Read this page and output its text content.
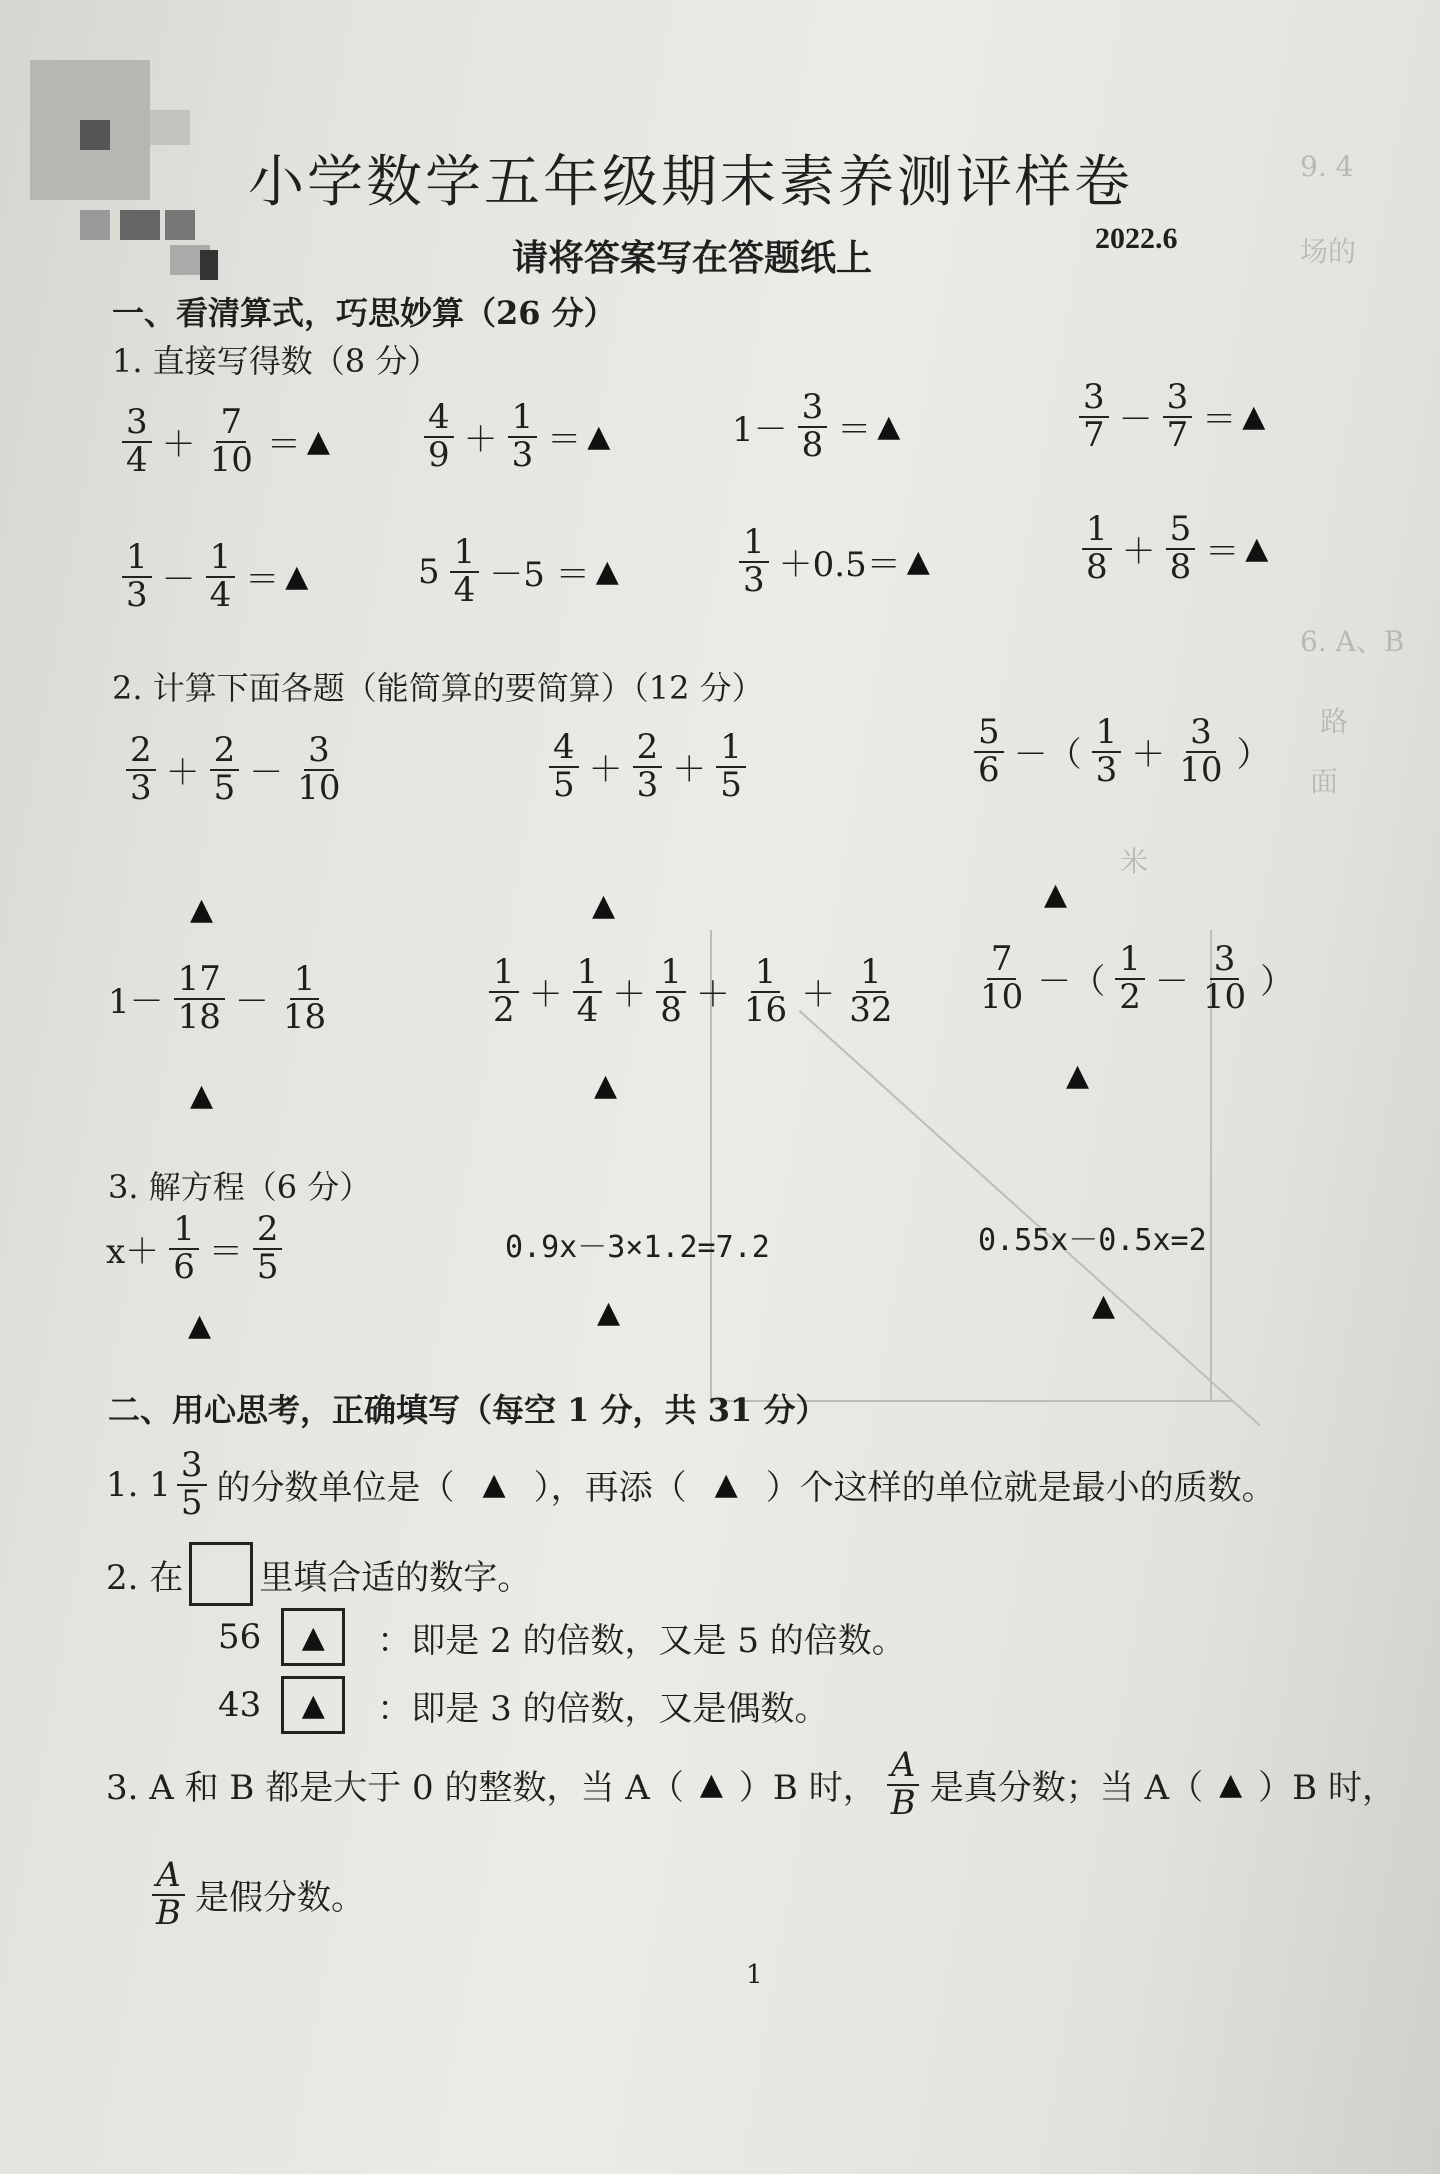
9. 4
场的
6. A、B
路
面
米
小学数学五年级期末素养测评样卷
请将答案写在答题纸上	2022.6
一、看清算式，巧思妙算（26 分）
1. 直接写得数（8 分）
$\frac{3}{4} + \frac{7}{10}$ ＝ ▲	$\frac{4}{9} + \frac{1}{3}$ ＝ ▲	$1- \frac{3}{8}$ ＝ ▲	$\frac{3}{7} - \frac{3}{7}$ ＝ ▲
$\frac{1}{3} - \frac{1}{4}$ ＝ ▲	$5 \frac{1}{4} -5$ ＝ ▲	$\frac{1}{3} +0.5=$ ▲	$\frac{1}{8} + \frac{5}{8}$ ＝ ▲
2. 计算下面各题（能简算的要简算）（12 分）
$\frac{2}{3} + \frac{2}{5} - \frac{3}{10}$
▲
$\frac{4}{5} + \frac{2}{3} + \frac{1}{5}$
▲
$\frac{5}{6}$ －（ $\frac{1}{3} + \frac{3}{10}$ ）
▲
$1- \frac{17}{18} - \frac{1}{18}$
▲
$\frac{1}{2} + \frac{1}{4} + \frac{1}{8} + \frac{1}{16} + \frac{1}{32}$
▲
$\frac{7}{10}$ －（ $\frac{1}{2} - \frac{3}{10}$ ）
▲
3. 解方程（6 分）
$x+ \frac{1}{6} = \frac{2}{5}$
▲
0.9x－3×1.2=7.2
▲
0.55x－0.5x=2
▲
二、用心思考，正确填写（每空 1 分，共 31 分）
1. $1 \frac{3}{5}$ 的分数单位是（ ▲ ），再添（ ▲ ）个这样的单位就是最小的质数。
2. 在 里填合适的数字。
56	▲	：即是 2 的倍数，又是 5 的倍数。
43	▲	：即是 3 的倍数，又是偶数。
3. A 和 B 都是大于 0 的整数，当 A（ ▲ ）B 时， $\frac{A}{B}$ 是真分数；当 A（ ▲ ）B 时，
$\frac{A}{B}$ 是假分数。
1
